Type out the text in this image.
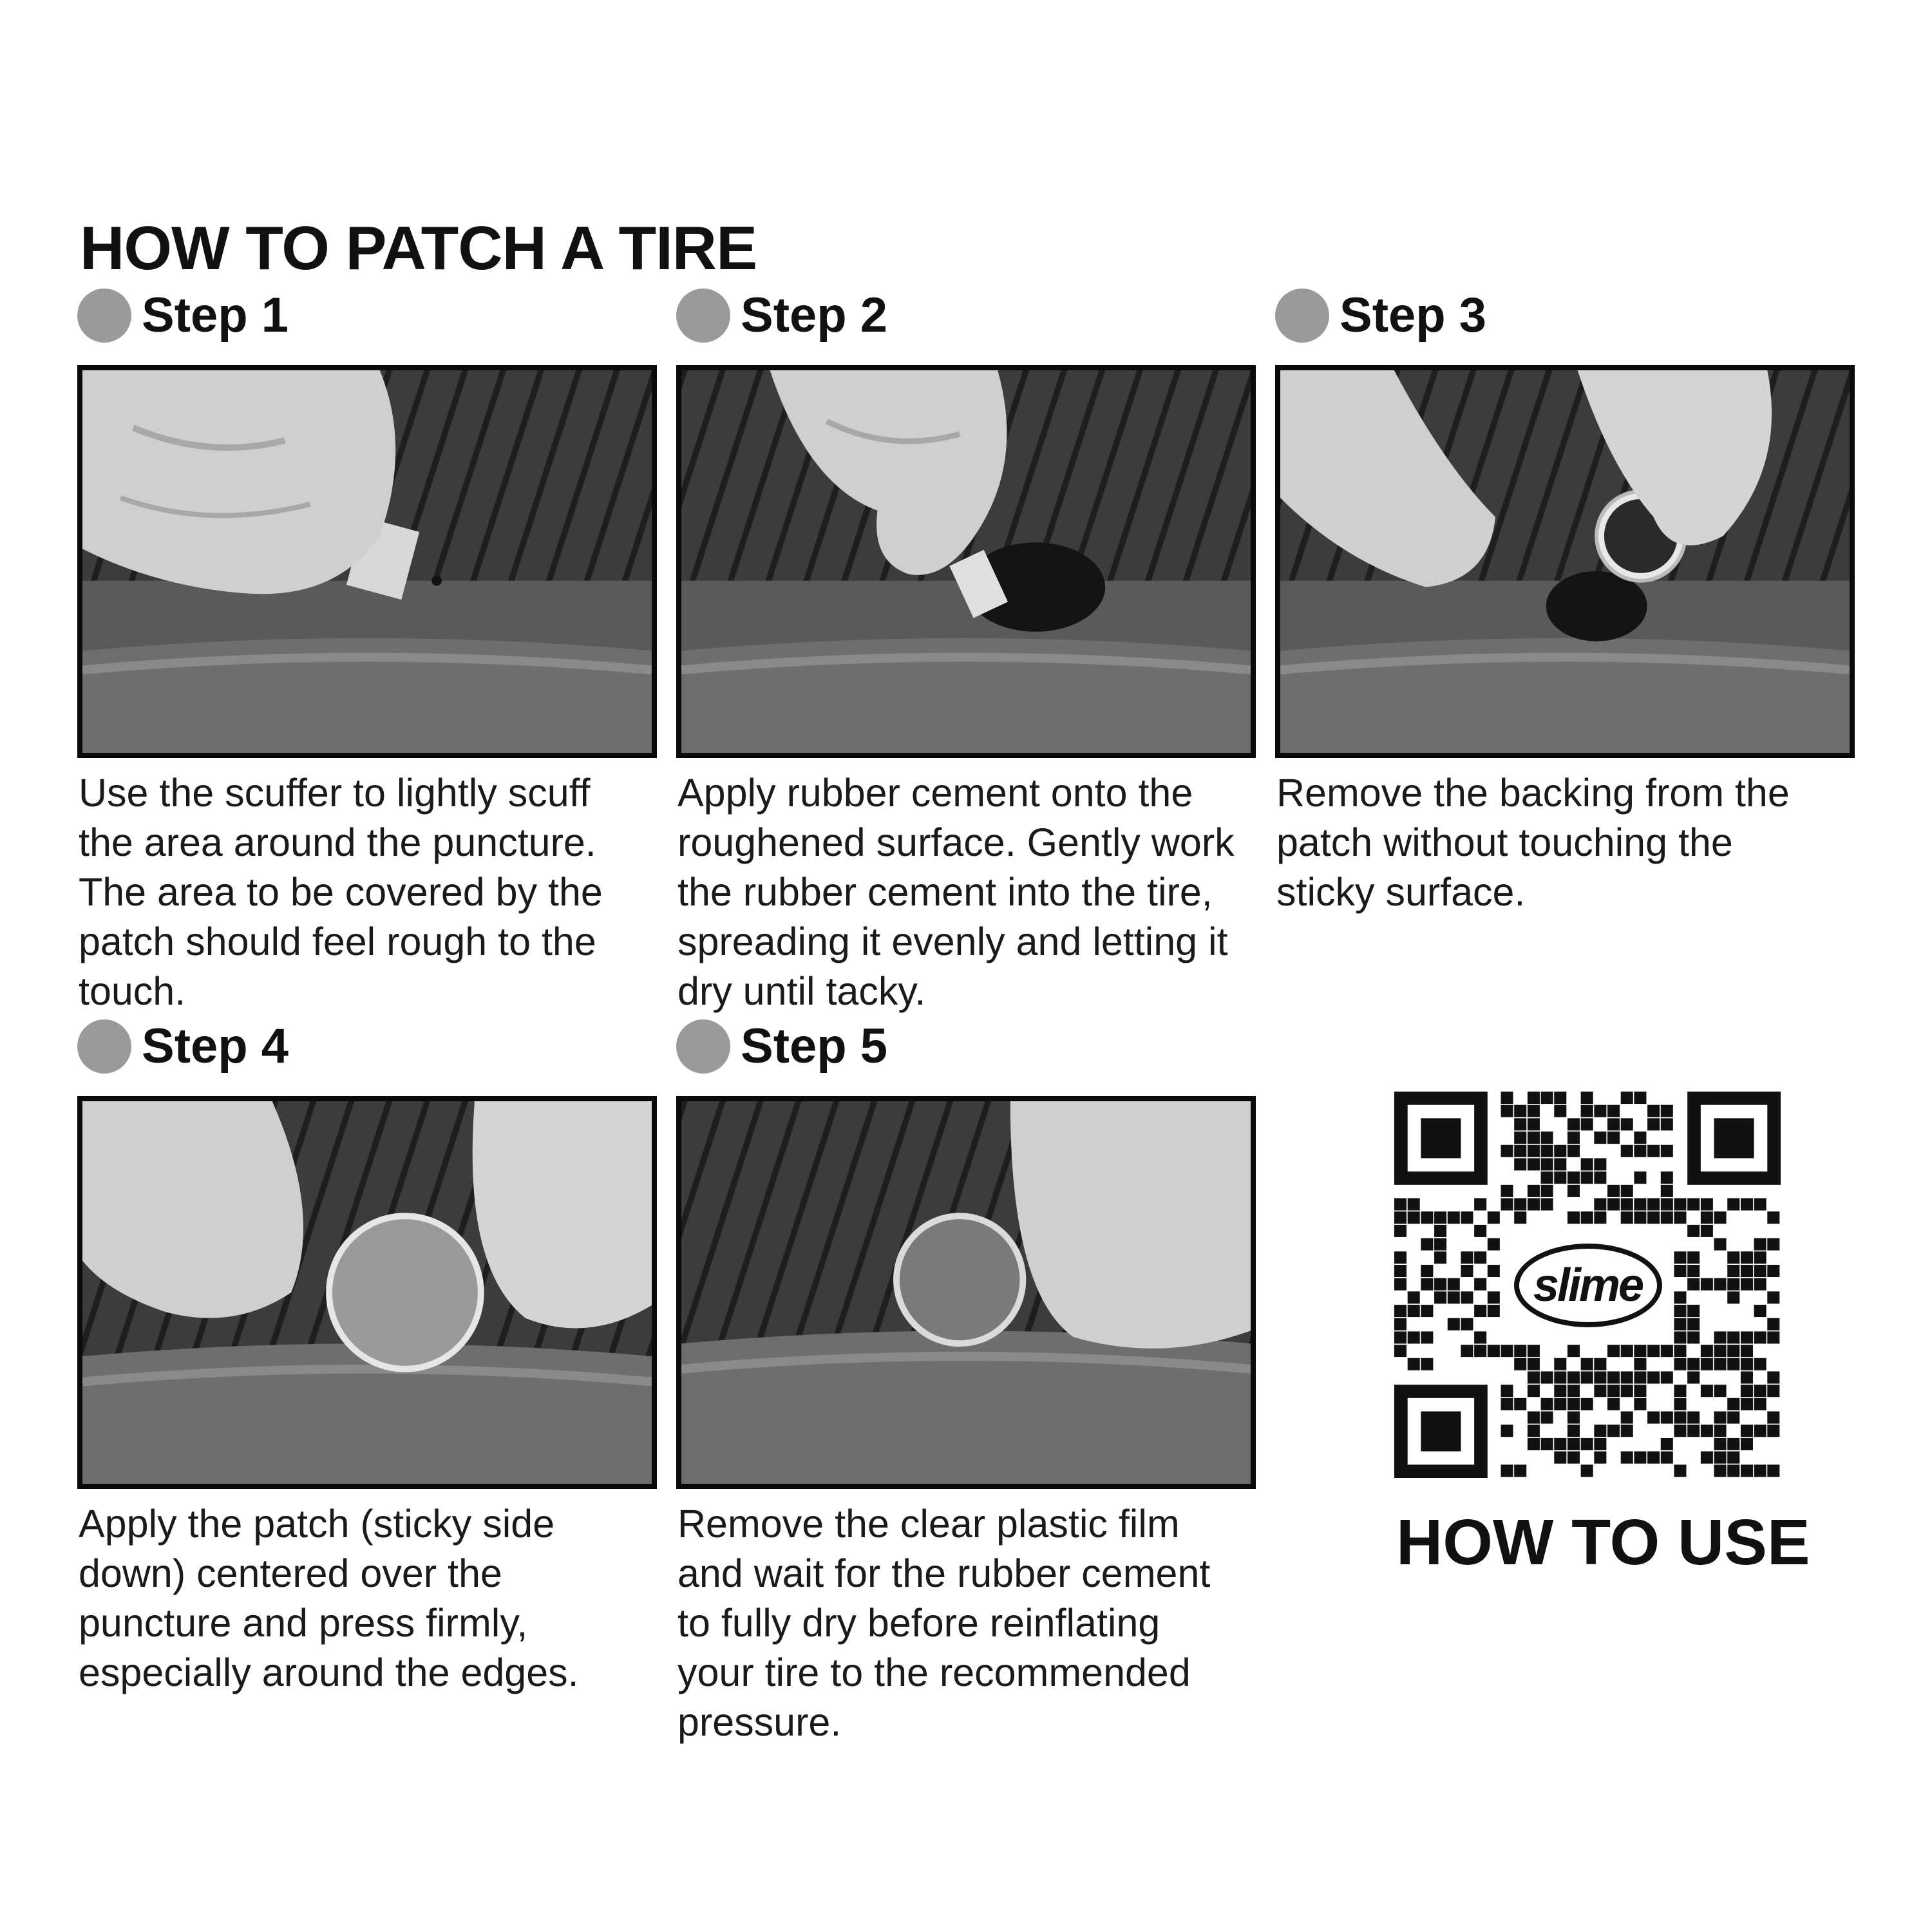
HOW TO PATCH A TIRE
Step 1
Use the scuffer to lightly scuff the area around the puncture. The area to be covered by the patch should feel rough to the touch.
Step 2
Apply rubber cement onto the roughened surface. Gently work the rubber cement into the tire, spreading it evenly and letting it dry until tacky.
Step 3
Remove the backing from the patch without touching the sticky surface.
Step 4
Apply the patch (sticky side down) centered over the puncture and press firmly, especially around the edges.
Step 5
Remove the clear plastic film and wait for the rubber cement to fully dry before reinflating your tire to the recommended pressure.
slime
HOW TO USE
